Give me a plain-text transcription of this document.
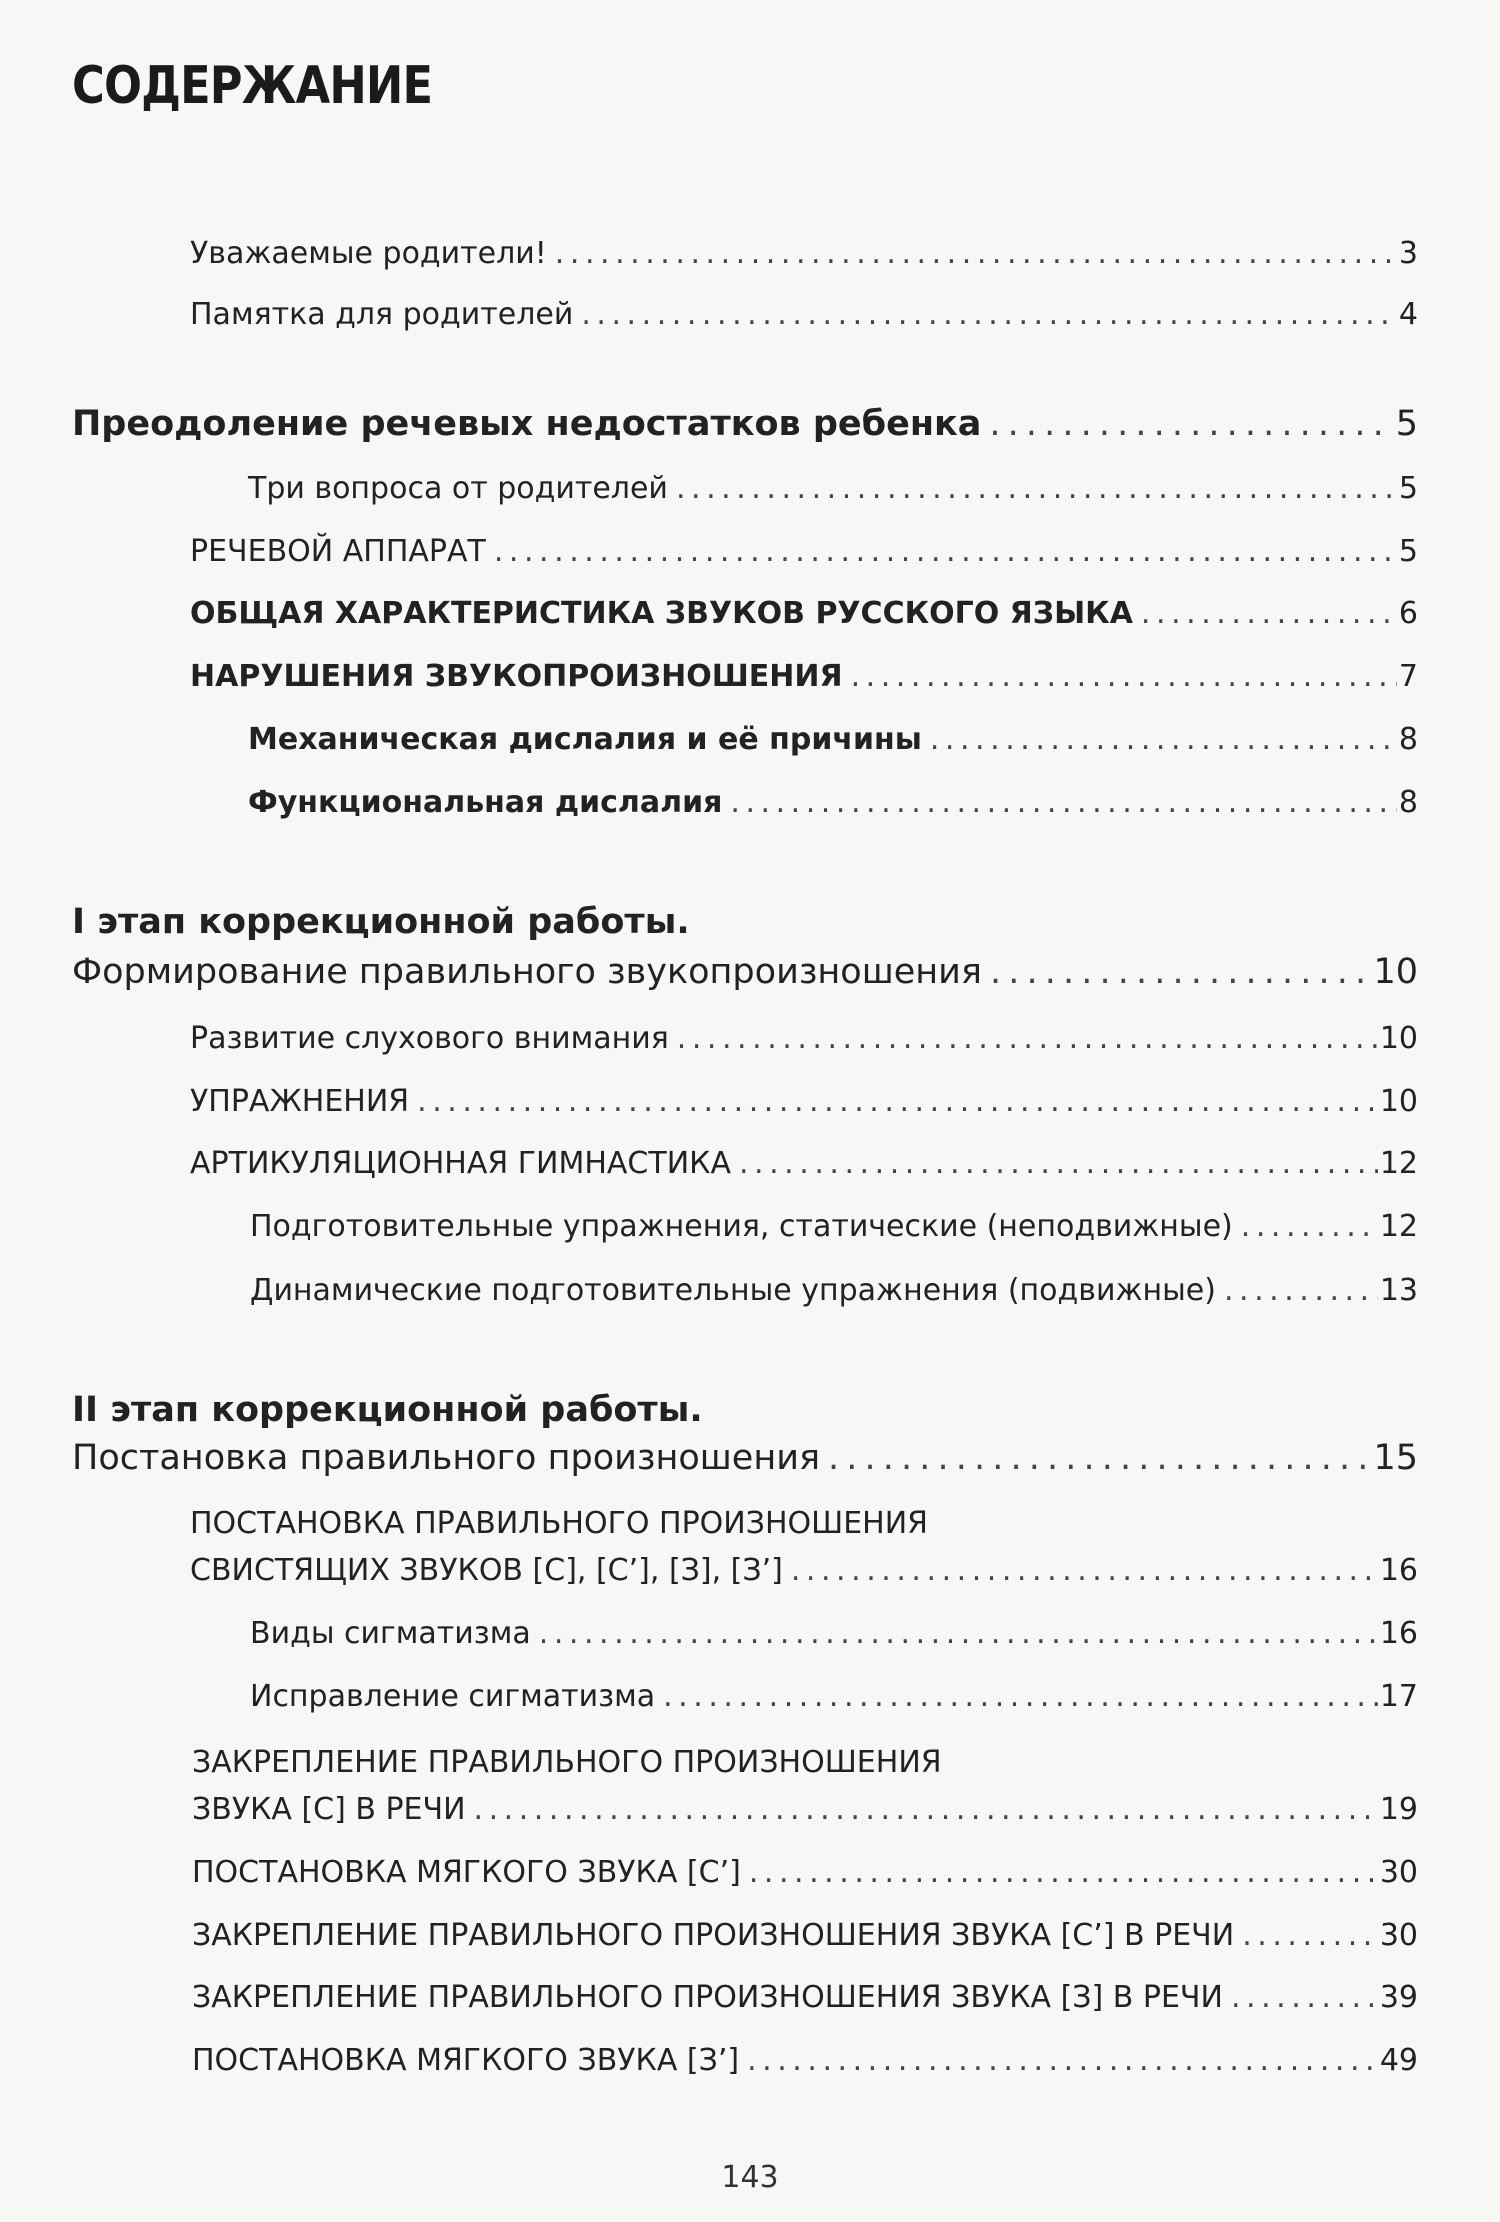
СОДЕРЖАНИЕ
Уважаемые родители! . . .	3
Памятка для родителей . . .	4
Преодоление речевых недостатков ребенка . . .	5
Три вопроса от родителей . . .	5
РЕЧЕВОЙ АППАРАТ . . .	5
ОБЩАЯ ХАРАКТЕРИСТИКА ЗВУКОВ РУССКОГО ЯЗЫКА . . .	6
НАРУШЕНИЯ ЗВУКОПРОИЗНОШЕНИЯ . . .	7
Механическая дислалия и её причины . . .	8
Функциональная дислалия . . .	8
I этап коррекционной работы.
Формирование правильного звукопроизношения . . .	10
Развитие слухового внимания . . .	10
УПРАЖНЕНИЯ . . .	10
АРТИКУЛЯЦИОННАЯ ГИМНАСТИКА . . .	12
Подготовительные упражнения, статические (неподвижные) . . .	12
Динамические подготовительные упражнения (подвижные) . . .	13
II этап коррекционной работы.
Постановка правильного произношения . . .	15
ПОСТАНОВКА ПРАВИЛЬНОГО ПРОИЗНОШЕНИЯ
СВИСТЯЩИХ ЗВУКОВ [С], [С’], [З], [З’] . . .	16
Виды сигматизма . . .	16
Исправление сигматизма . . .	17
ЗАКРЕПЛЕНИЕ ПРАВИЛЬНОГО ПРОИЗНОШЕНИЯ
ЗВУКА [С] В РЕЧИ . . .	19
ПОСТАНОВКА МЯГКОГО ЗВУКА [С’] . . .	30
ЗАКРЕПЛЕНИЕ ПРАВИЛЬНОГО ПРОИЗНОШЕНИЯ ЗВУКА [С’] В РЕЧИ . . .	30
ЗАКРЕПЛЕНИЕ ПРАВИЛЬНОГО ПРОИЗНОШЕНИЯ ЗВУКА [З] В РЕЧИ . . .	39
ПОСТАНОВКА МЯГКОГО ЗВУКА [З’] . . .	49
143
